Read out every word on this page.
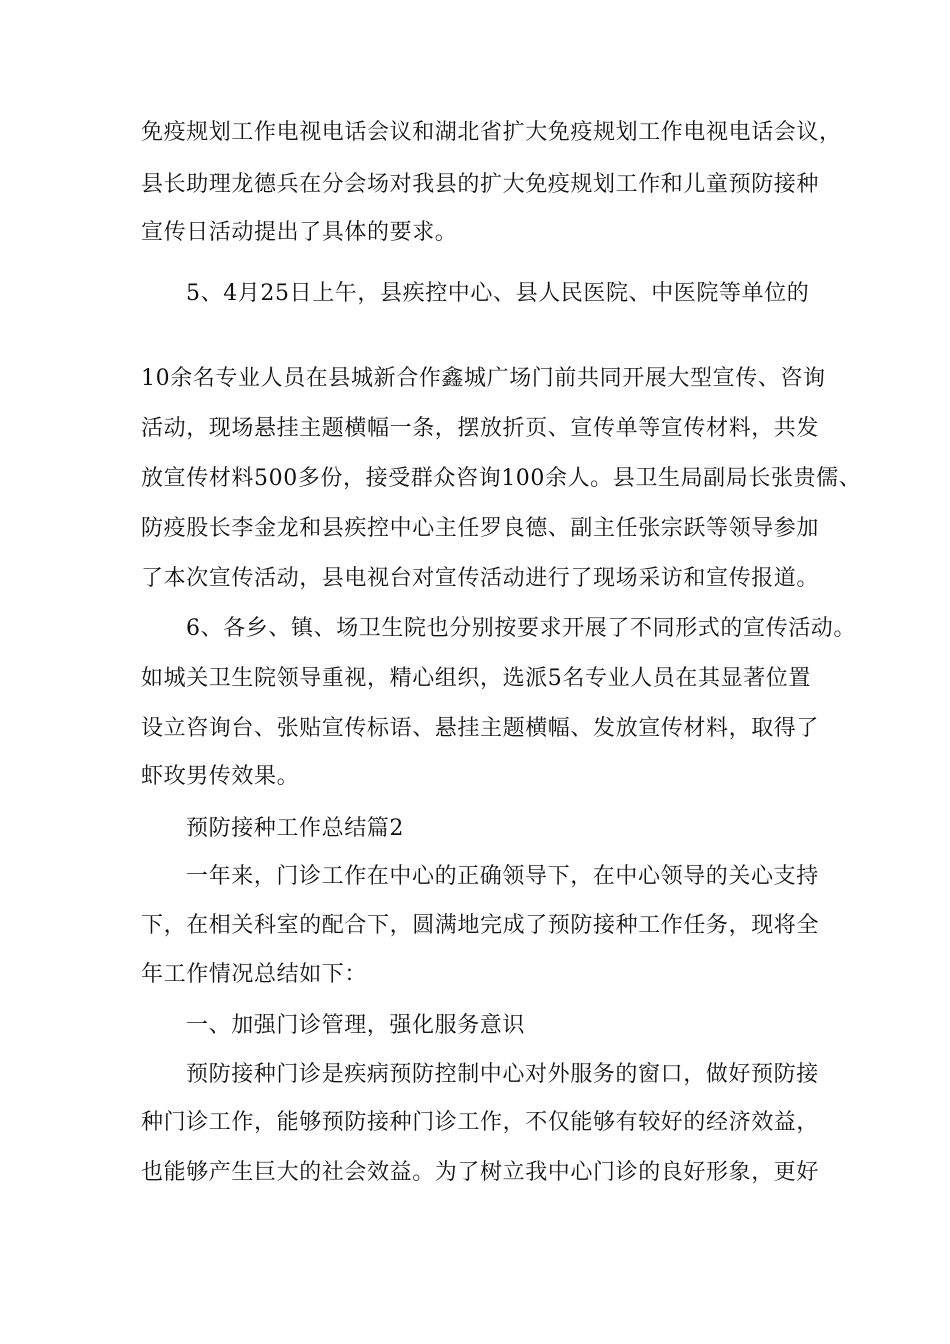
免疫规划工作电视电话会议和湖北省扩大免疫规划工作电视电话会议，
县长助理龙德兵在分会场对我县的扩大免疫规划工作和儿童预防接种
宣传日活动提出了具体的要求。
5、4月25日上午，县疾控中心、县人民医院、中医院等单位的
10余名专业人员在县城新合作鑫城广场门前共同开展大型宣传、咨询
活动，现场悬挂主题横幅一条，摆放折页、宣传单等宣传材料，共发
放宣传材料500多份，接受群众咨询100余人。县卫生局副局长张贵儒、
防疫股长李金龙和县疾控中心主任罗良德、副主任张宗跃等领导参加
了本次宣传活动，县电视台对宣传活动进行了现场采访和宣传报道。
6、各乡、镇、场卫生院也分别按要求开展了不同形式的宣传活动。
如城关卫生院领导重视，精心组织，选派5名专业人员在其显著位置
设立咨询台、张贴宣传标语、悬挂主题横幅、发放宣传材料，取得了
虾玫男传效果。
预防接种工作总结篇2
一年来，门诊工作在中心的正确领导下，在中心领导的关心支持
下，在相关科室的配合下，圆满地完成了预防接种工作任务，现将全
年工作情况总结如下：
一、加强门诊管理，强化服务意识
预防接种门诊是疾病预防控制中心对外服务的窗口，做好预防接
种门诊工作，能够预防接种门诊工作，不仅能够有较好的经济效益，
也能够产生巨大的社会效益。为了树立我中心门诊的良好形象，更好
